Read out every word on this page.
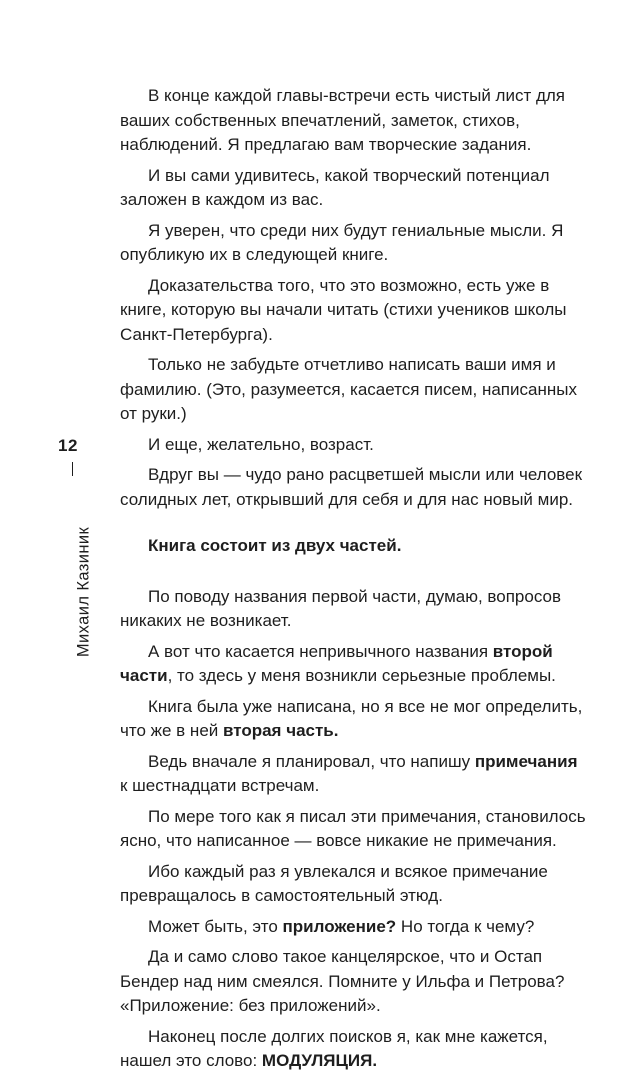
12
Михаил Казиник

В конце каждой главы-встречи есть чистый лист для ваших собственных впечатлений, заметок, стихов, наблюдений. Я предлагаю вам творческие задания.

И вы сами удивитесь, какой творческий потенциал заложен в каждом из вас.

Я уверен, что среди них будут гениальные мысли. Я опубликую их в следующей книге.

Доказательства того, что это возможно, есть уже в книге, которую вы начали читать (стихи учеников школы Санкт-Петербурга).

Только не забудьте отчетливо написать ваши имя и фамилию. (Это, разумеется, касается писем, написанных от руки.)

И еще, желательно, возраст.

Вдруг вы — чудо рано расцветшей мысли или человек солидных лет, открывший для себя и для нас новый мир.

Книга состоит из двух частей.

По поводу названия первой части, думаю, вопросов никаких не возникает.

А вот что касается непривычного названия второй части, то здесь у меня возникли серьезные проблемы.

Книга была уже написана, но я все не мог определить, что же в ней вторая часть.

Ведь вначале я планировал, что напишу примечания к шестнадцати встречам.

По мере того как я писал эти примечания, становилось ясно, что написанное — вовсе никакие не примечания.

Ибо каждый раз я увлекался и всякое примечание превращалось в самостоятельный этюд.

Может быть, это приложение? Но тогда к чему?

Да и само слово такое канцелярское, что и Остап Бендер над ним смеялся. Помните у Ильфа и Петрова? «Приложение: без приложений».

Наконец после долгих поисков я, как мне кажется, нашел это слово: МОДУЛЯЦИЯ.
